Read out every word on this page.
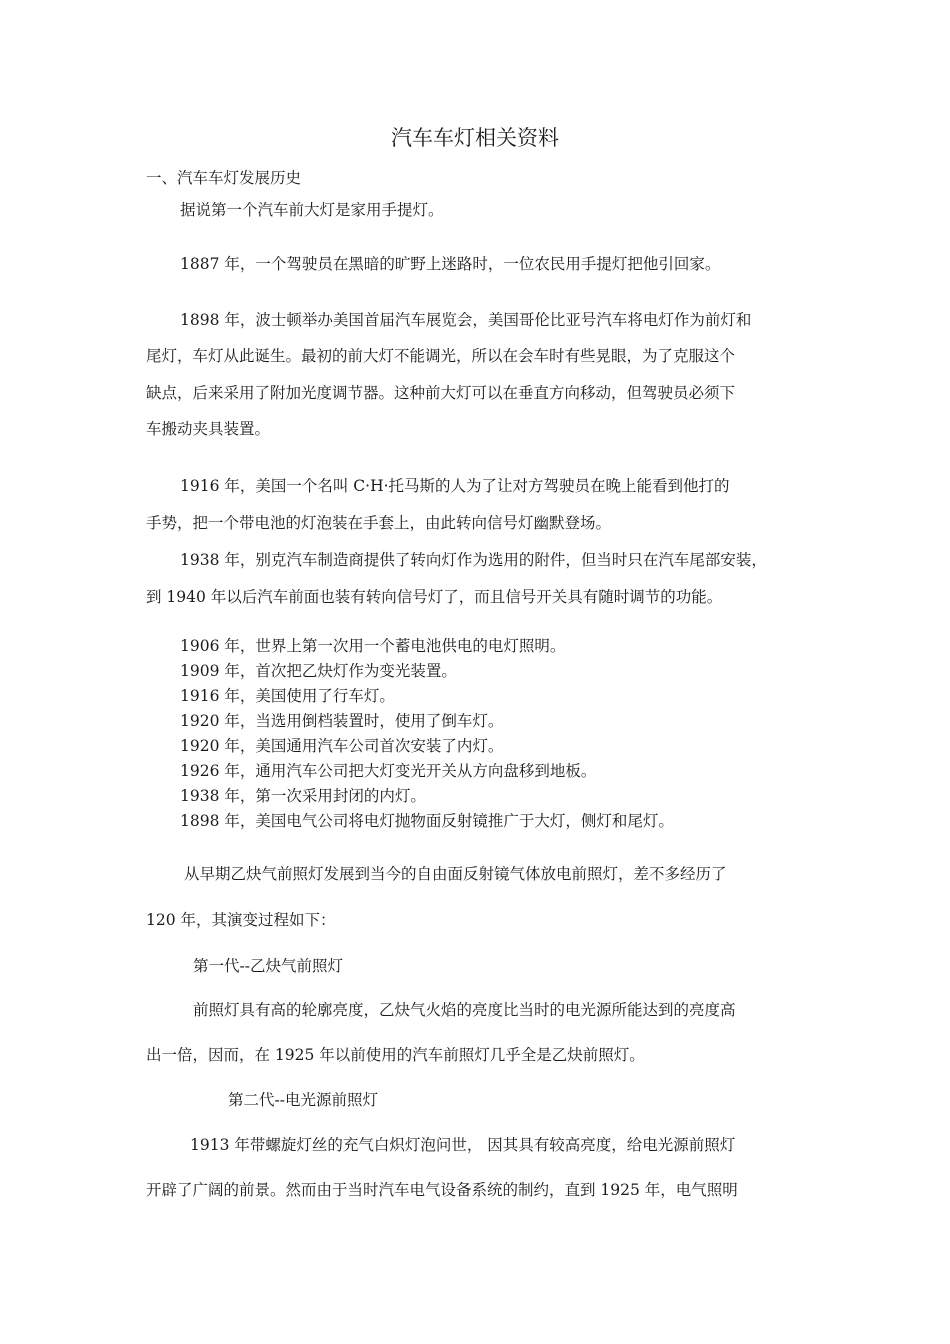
汽车车灯相关资料
一、汽车车灯发展历史
据说第一个汽车前大灯是家用手提灯。
1887 年，一个驾驶员在黑暗的旷野上迷路时，一位农民用手提灯把他引回家。
1898 年，波士顿举办美国首届汽车展览会，美国哥伦比亚号汽车将电灯作为前灯和
尾灯，车灯从此诞生。最初的前大灯不能调光，所以在会车时有些晃眼，为了克服这个
缺点，后来采用了附加光度调节器。这种前大灯可以在垂直方向移动，但驾驶员必须下
车搬动夹具装置。
1916 年，美国一个名叫 C·H·托马斯的人为了让对方驾驶员在晚上能看到他打的
手势，把一个带电池的灯泡装在手套上，由此转向信号灯幽默登场。
1938 年，别克汽车制造商提供了转向灯作为选用的附件，但当时只在汽车尾部安装，
到 1940 年以后汽车前面也装有转向信号灯了，而且信号开关具有随时调节的功能。
1906 年，世界上第一次用一个蓄电池供电的电灯照明。
1909 年，首次把乙炔灯作为变光装置。
1916 年，美国使用了行车灯。
1920 年，当选用倒档装置时，使用了倒车灯。
1920 年，美国通用汽车公司首次安装了内灯。
1926 年，通用汽车公司把大灯变光开关从方向盘移到地板。
1938 年，第一次采用封闭的内灯。
1898 年，美国电气公司将电灯抛物面反射镜推广于大灯，侧灯和尾灯。
从早期乙炔气前照灯发展到当今的自由面反射镜气体放电前照灯，差不多经历了
120 年，其演变过程如下：
第一代--乙炔气前照灯
前照灯具有高的轮廓亮度，乙炔气火焰的亮度比当时的电光源所能达到的亮度高
出一倍，因而，在 1925 年以前使用的汽车前照灯几乎全是乙炔前照灯。
第二代--电光源前照灯
1913 年带螺旋灯丝的充气白炽灯泡问世， 因其具有较高亮度，给电光源前照灯
开辟了广阔的前景。然而由于当时汽车电气设备系统的制约，直到 1925 年，电气照明
